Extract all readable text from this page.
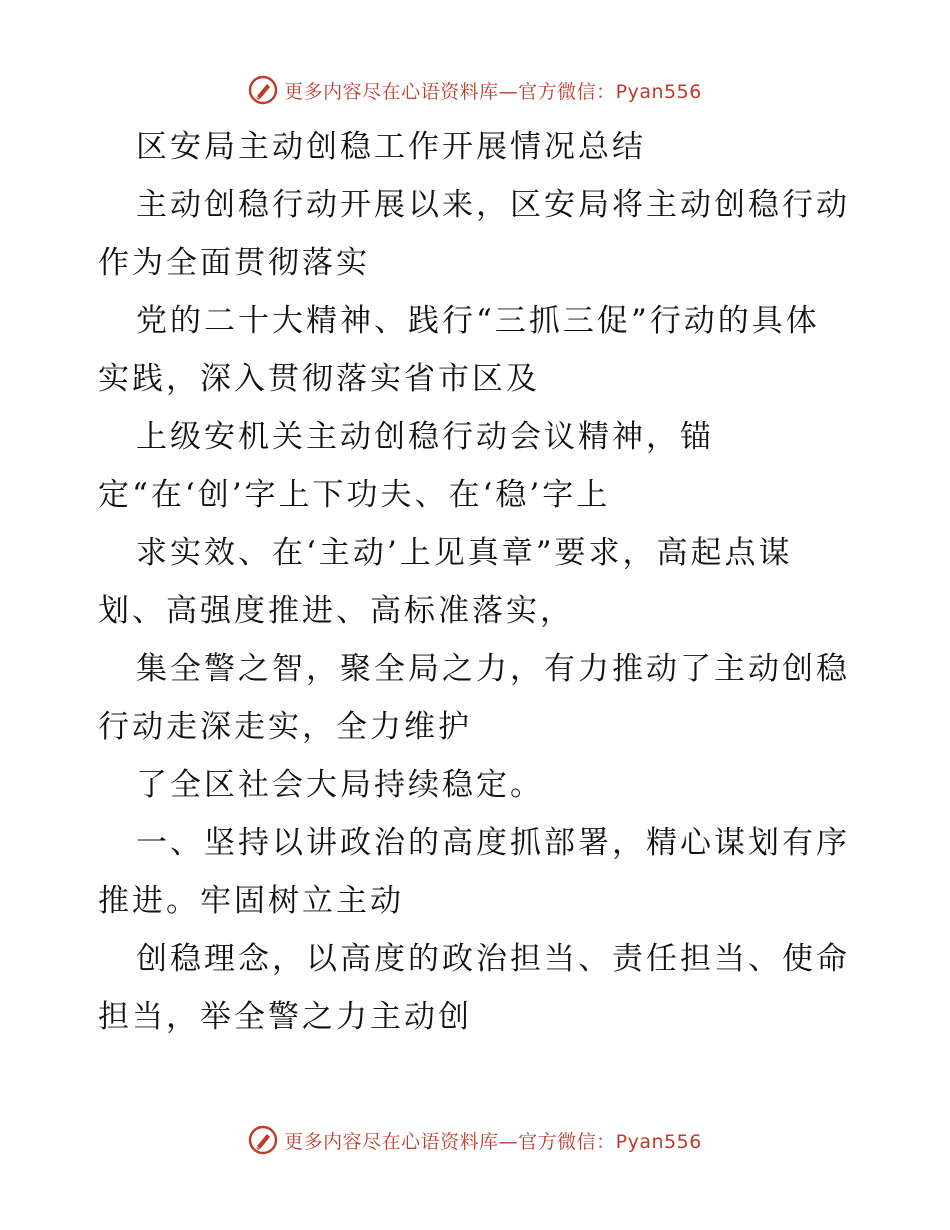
更多内容尽在心语资料库—官方微信：Pyan556

区安局主动创稳工作开展情况总结

主动创稳行动开展以来，区安局将主动创稳行动

作为全面贯彻落实

党的二十大精神、践行“三抓三促”行动的具体

实践，深入贯彻落实省市区及

上级安机关主动创稳行动会议精神，锚

定“在‘创’字上下功夫、在‘稳’字上

求实效、在‘主动’上见真章”要求，高起点谋

划、高强度推进、高标准落实，

集全警之智，聚全局之力，有力推动了主动创稳

行动走深走实，全力维护

了全区社会大局持续稳定。

一、坚持以讲政治的高度抓部署，精心谋划有序

推进。牢固树立主动

创稳理念，以高度的政治担当、责任担当、使命

担当，举全警之力主动创

更多内容尽在心语资料库—官方微信：Pyan556
